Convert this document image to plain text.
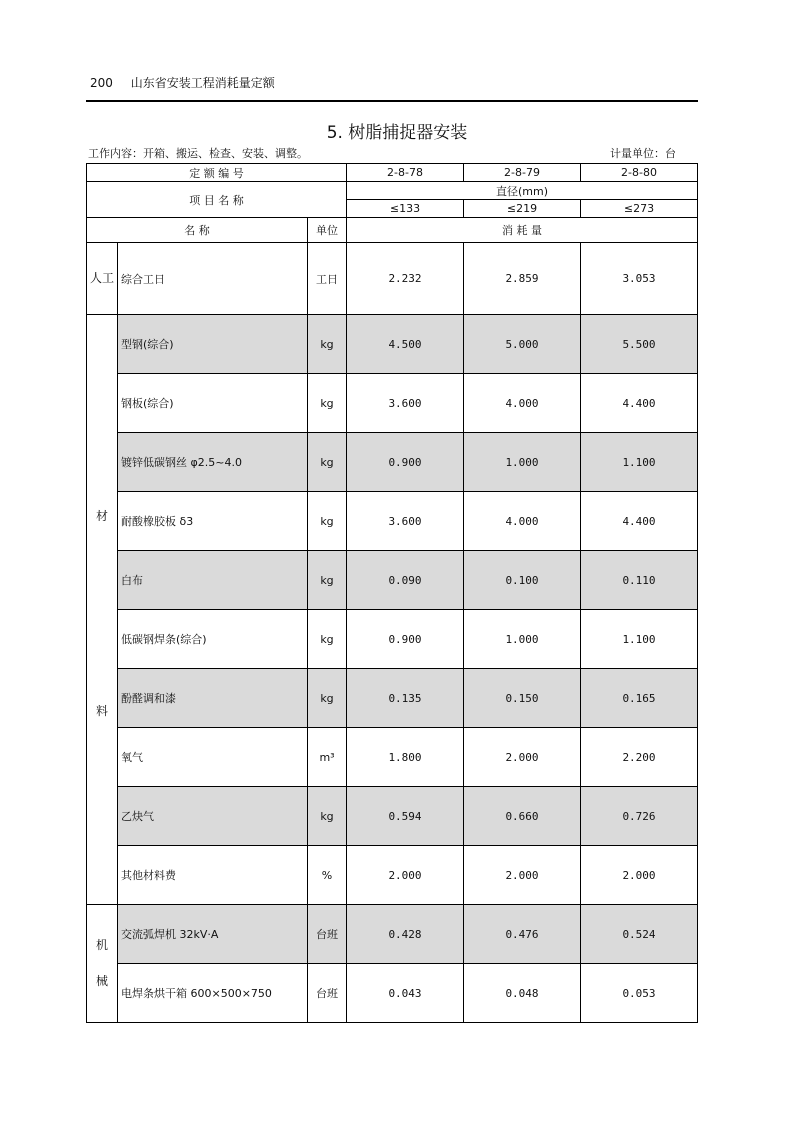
200 山东省安装工程消耗量定额
5. 树脂捕捉器安装
工作内容：开箱、搬运、检查、安装、调整。	计量单位：台
定 额 编 号			2-8-78	2-8-79	2-8-80
项 目 名 称			直径(mm)		
			≤133	≤219	≤273
名 称		单位	消 耗 量		
人工	综合工日	工日	2.232	2.859	3.053

材
料	型钢(综合)	kg	4.500	5.000	5.500
	钢板(综合)	kg	3.600	4.000	4.400
	镀锌低碳钢丝 φ2.5~4.0	kg	0.900	1.000	1.100
	耐酸橡胶板 δ3	kg	3.600	4.000	4.400
	白布	kg	0.090	0.100	0.110
	低碳钢焊条(综合)	kg	0.900	1.000	1.100
	酚醛调和漆	kg	0.135	0.150	0.165
	氧气	m³	1.800	2.000	2.200
	乙炔气	kg	0.594	0.660	0.726
	其他材料费	%	2.000	2.000	2.000

机
械	交流弧焊机 32kV·A	台班	0.428	0.476	0.524
	电焊条烘干箱 600×500×750	台班	0.043	0.048	0.053
